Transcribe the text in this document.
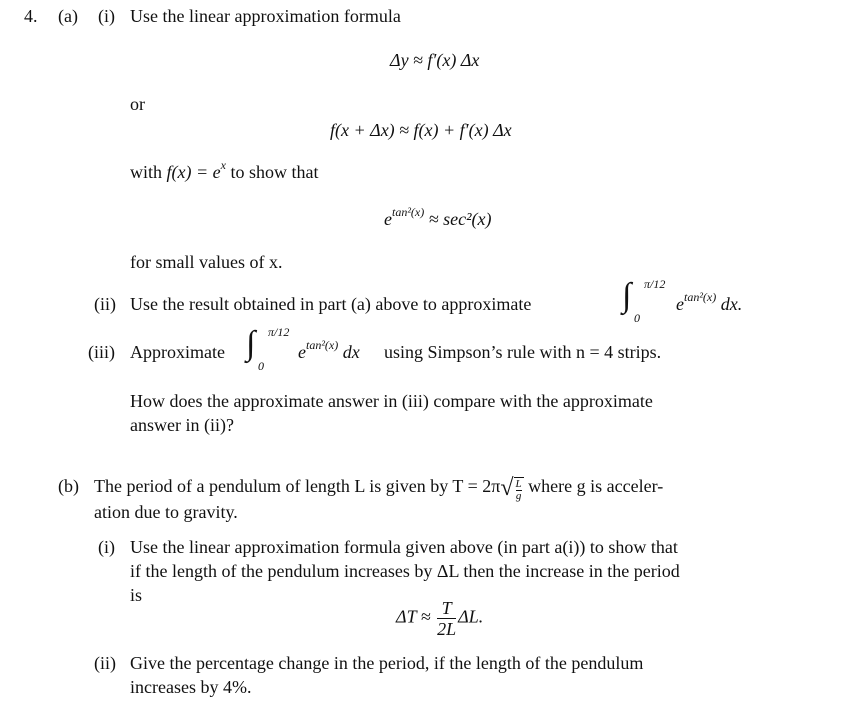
4. (a) (i) Use the linear approximation formula
Δy ≈ f′(x) Δx
or
f(x + Δx) ≈ f(x) + f′(x) Δx
with $f(x) = e^x$ to show that
$e^{tan^2(x)} \approx \sec^2(x)$
for small values of x.
(ii) Use the result obtained in part (a) above to approximate	∫ π/12
0
$e^{tan^2(x)}$ dx.
(iii) Approximate ∫ π/12
0
$e^{tan^2(x)}$ dx using Simpson’s rule with n = 4 strips.
How does the approximate answer in (iii) compare with the approximate
answer in (ii)?
(b) The period of a pendulum of length L is given by $T = 2\pi√ \frac{L}{g}$ where g is acceler-
ation due to gravity.
(i) Use the linear approximation formula given above (in part a(i)) to show that
if the length of the pendulum increases by ΔL then the increase in the period
is
$\Delta T \approx \frac{T}{2L} \Delta L$.
(ii) Give the percentage change in the period, if the length of the pendulum
increases by 4%.
